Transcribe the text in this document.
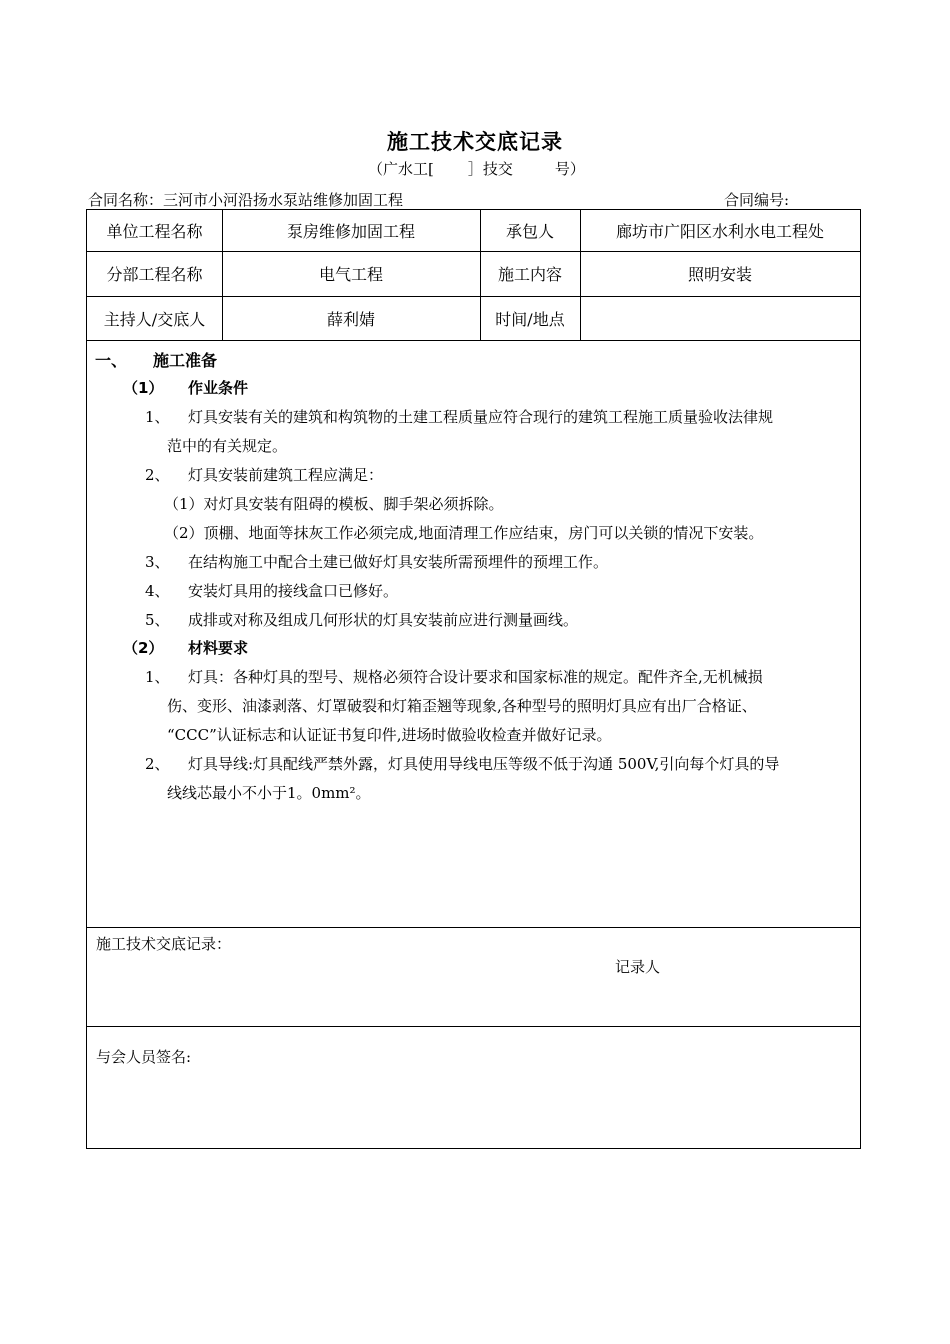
施工技术交底记录
（广水工[ ］技交	号）
合同名称：三河市小河沿扬水泵站维修加固工程	合同编号:
单位工程名称	泵房维修加固工程	承包人	廊坊市广阳区水利水电工程处
分部工程名称	电气工程	施工内容	照明安装
主持人/交底人	薛利婧	时间/地点
一、 施工准备
（1） 作业条件
1、 灯具安装有关的建筑和构筑物的土建工程质量应符合现行的建筑工程施工质量验收法律规
范中的有关规定。
2、 灯具安装前建筑工程应满足：
（1）对灯具安装有阻碍的模板、脚手架必须拆除。
（2）顶棚、地面等抹灰工作必须完成,地面清理工作应结束，房门可以关锁的情况下安装。
3、 在结构施工中配合土建已做好灯具安装所需预埋件的预埋工作。
4、 安装灯具用的接线盒口已修好。
5、 成排或对称及组成几何形状的灯具安装前应进行测量画线。
（2） 材料要求
1、 灯具：各种灯具的型号、规格必须符合设计要求和国家标准的规定。配件齐全,无机械损
伤、变形、油漆剥落、灯罩破裂和灯箱歪翘等现象,各种型号的照明灯具应有出厂合格证、
“CCC”认证标志和认证证书复印件,进场时做验收检查并做好记录。
2、 灯具导线:灯具配线严禁外露，灯具使用导线电压等级不低于沟通 500V,引向每个灯具的导
线线芯最小不小于1。0mm²。
施工技术交底记录：
记录人
与会人员签名:
